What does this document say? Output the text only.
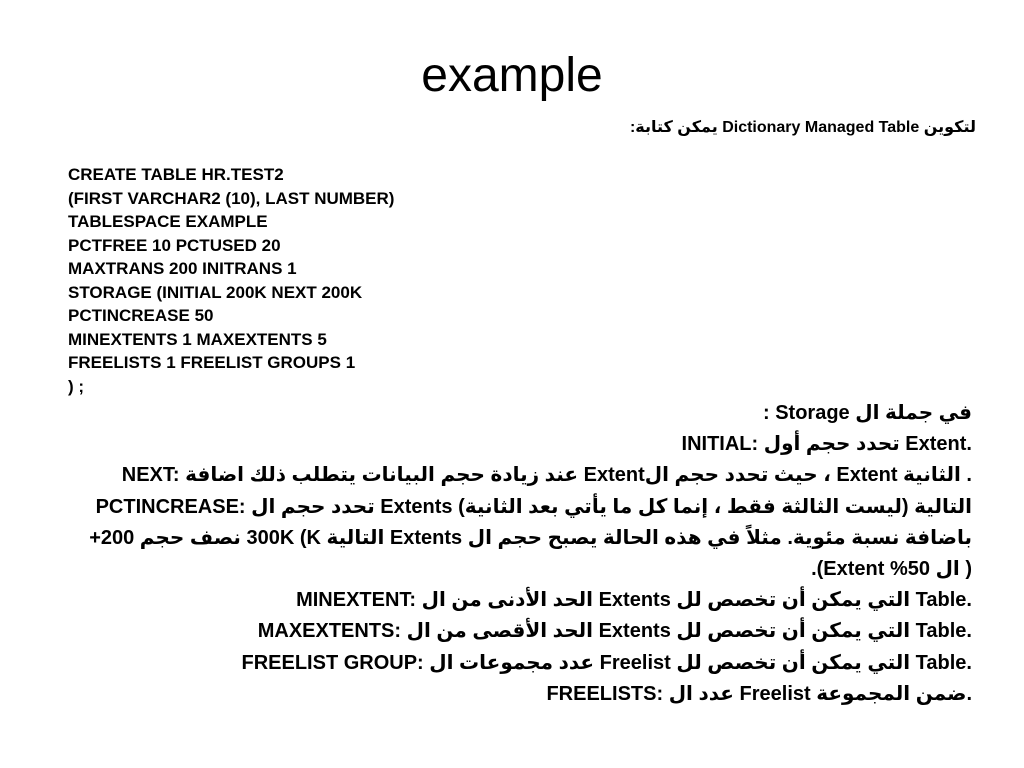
example
لتكوين Dictionary Managed Table يمكن كتابة:
CREATE TABLE HR.TEST2
(FIRST VARCHAR2 (10), LAST NUMBER)
TABLESPACE EXAMPLE
PCTFREE 10 PCTUSED 20
MAXTRANS 200 INITRANS 1
STORAGE (INITIAL 200K NEXT 200K
PCTINCREASE 50
MINEXTENTS 1 MAXEXTENTS 5
FREELISTS 1 FREELIST GROUPS 1
) ;
في جملة ال Storage :
INITIAL: تحدد حجم أول Extent.
NEXT: عند زيادة حجم البيانات يتطلب ذلك اضافة Extentحيث تحدد حجم ال ، Extent الثانية .
PCTINCREASE: تحدد حجم ال Extents (التالية (ليست الثالثة فقط ، إنما كل ما يأتي بعد الثانية
باضافة نسبة مئوية. مثلاً في هذه الحالة يصبح حجم ال Extents التالية 300K (K نصف حجم 200+
( ال Extent %50).
MINEXTENT: الحد الأدنى من ال Extents التي يمكن أن تخصص لل Table.
MAXEXTENTS: الحد الأقصى من ال Extents التي يمكن أن تخصص لل Table.
FREELIST GROUP: عدد مجموعات ال Freelist التي يمكن أن تخصص لل Table.
FREELISTS: عدد ال Freelist ضمن المجموعة.
